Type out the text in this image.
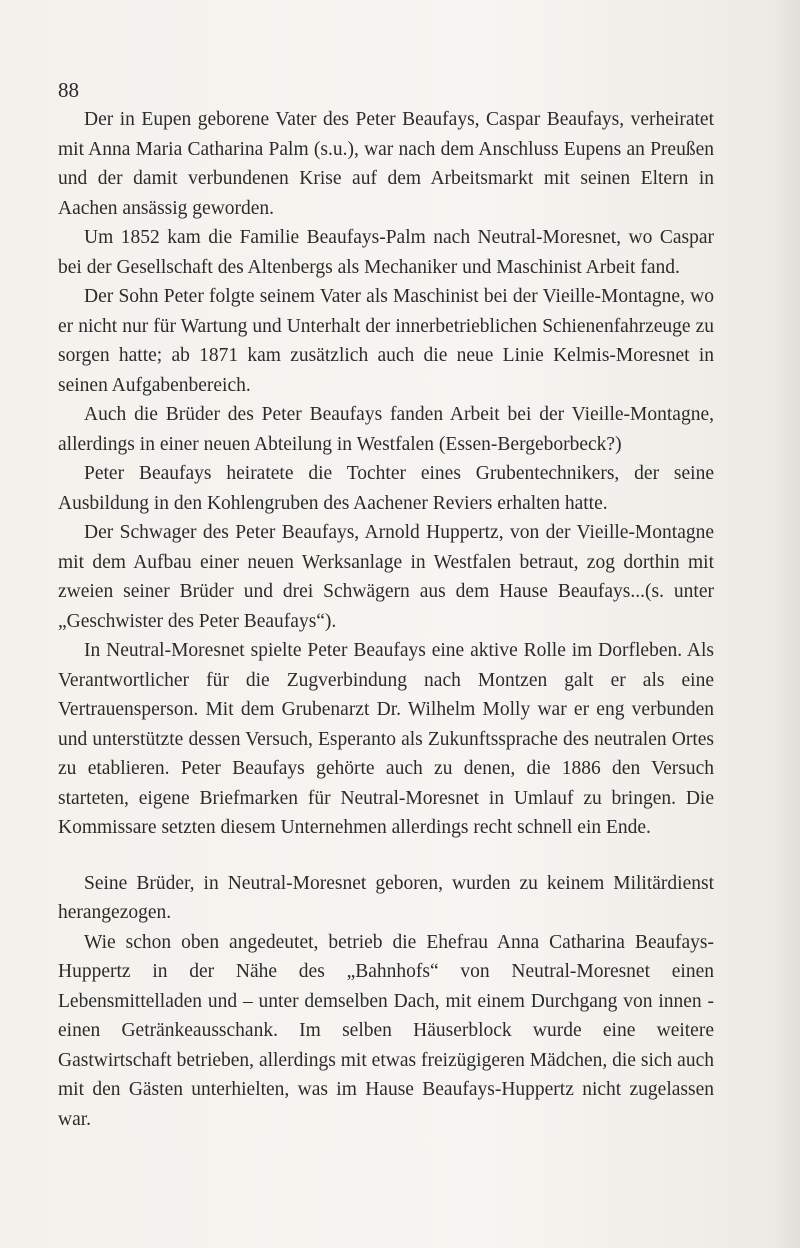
88

Der in Eupen geborene Vater des Peter Beaufays, Caspar Beaufays, verheiratet mit Anna Maria Catharina Palm (s.u.), war nach dem Anschluss Eupens an Preußen und der damit verbundenen Krise auf dem Arbeitsmarkt mit seinen Eltern in Aachen ansässig geworden.

Um 1852 kam die Familie Beaufays-Palm nach Neutral-Moresnet, wo Caspar bei der Gesellschaft des Altenbergs als Mechaniker und Maschinist Arbeit fand.

Der Sohn Peter folgte seinem Vater als Maschinist bei der Vieille-Montagne, wo er nicht nur für Wartung und Unterhalt der innerbetrieblichen Schienenfahrzeuge zu sorgen hatte; ab 1871 kam zusätzlich auch die neue Linie Kelmis-Moresnet in seinen Aufgabenbereich.

Auch die Brüder des Peter Beaufays fanden Arbeit bei der Vieille-Montagne, allerdings in einer neuen Abteilung in Westfalen (Essen-Bergeborbeck?)

Peter Beaufays heiratete die Tochter eines Grubentechnikers, der seine Ausbildung in den Kohlengruben des Aachener Reviers erhalten hatte.

Der Schwager des Peter Beaufays, Arnold Huppertz, von der Vieille-Montagne mit dem Aufbau einer neuen Werksanlage in Westfalen betraut, zog dorthin mit zweien seiner Brüder und drei Schwägern aus dem Hause Beaufays...(s. unter „Geschwister des Peter Beaufays“).

In Neutral-Moresnet spielte Peter Beaufays eine aktive Rolle im Dorfleben. Als Verantwortlicher für die Zugverbindung nach Montzen galt er als eine Vertrauensperson. Mit dem Grubenarzt Dr. Wilhelm Molly war er eng verbunden und unterstützte dessen Versuch, Esperanto als Zukunftssprache des neutralen Ortes zu etablieren. Peter Beaufays gehörte auch zu denen, die 1886 den Versuch starteten, eigene Briefmarken für Neutral-Moresnet in Umlauf zu bringen. Die Kommissare setzten diesem Unternehmen allerdings recht schnell ein Ende.

Seine Brüder, in Neutral-Moresnet geboren, wurden zu keinem Militärdienst herangezogen.

Wie schon oben angedeutet, betrieb die Ehefrau Anna Catharina Beaufays-Huppertz in der Nähe des „Bahnhofs“ von Neutral-Moresnet einen Lebensmittelladen und – unter demselben Dach, mit einem Durchgang von innen - einen Getränkeausschank. Im selben Häuserblock wurde eine weitere Gastwirtschaft betrieben, allerdings mit etwas freizügigeren Mädchen, die sich auch mit den Gästen unterhielten, was im Hause Beaufays-Huppertz nicht zugelassen war.
